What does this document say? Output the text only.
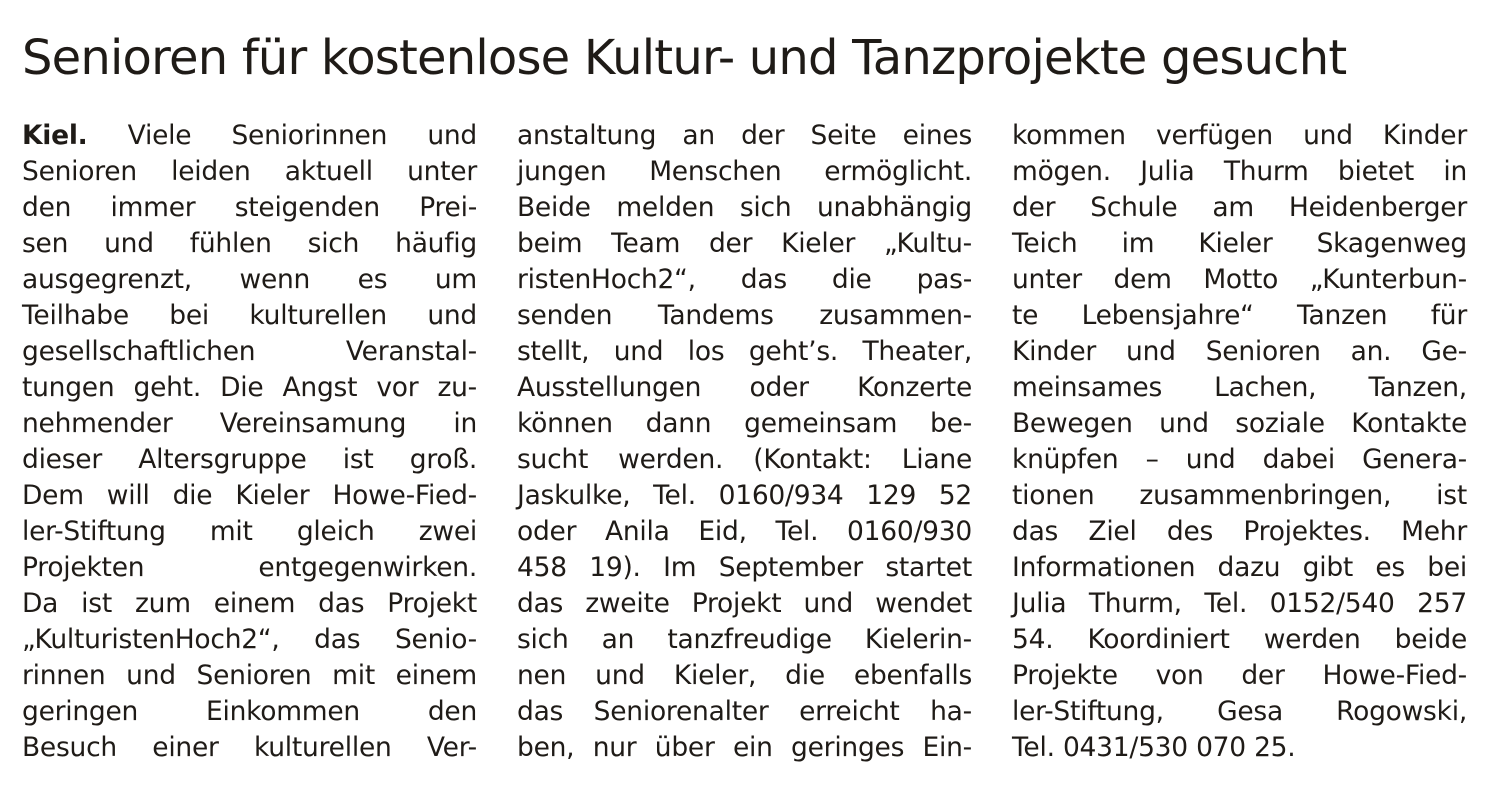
Senioren für kostenlose Kultur- und Tanzprojekte gesucht
Kiel. Viele Seniorinnen und
Senioren leiden aktuell unter
den immer steigenden Prei-
sen und fühlen sich häufig
ausgegrenzt, wenn es um
Teilhabe bei kulturellen und
gesellschaftlichen Veranstal-
tungen geht. Die Angst vor zu-
nehmender Vereinsamung in
dieser Altersgruppe ist groß.
Dem will die Kieler Howe-Fied-
ler-Stiftung mit gleich zwei
Projekten entgegenwirken.
Da ist zum einem das Projekt
„KulturistenHoch2“, das Senio-
rinnen und Senioren mit einem
geringen Einkommen den
Besuch einer kulturellen Ver-
anstaltung an der Seite eines
jungen Menschen ermöglicht.
Beide melden sich unabhängig
beim Team der Kieler „Kultu-
ristenHoch2“, das die pas-
senden Tandems zusammen-
stellt, und los geht’s. Theater,
Ausstellungen oder Konzerte
können dann gemeinsam be-
sucht werden. (Kontakt: Liane
Jaskulke, Tel. 0160/934 129 52
oder Anila Eid, Tel. 0160/930
458 19). Im September startet
das zweite Projekt und wendet
sich an tanzfreudige Kielerin-
nen und Kieler, die ebenfalls
das Seniorenalter erreicht ha-
ben, nur über ein geringes Ein-
kommen verfügen und Kinder
mögen. Julia Thurm bietet in
der Schule am Heidenberger
Teich im Kieler Skagenweg
unter dem Motto „Kunterbun-
te Lebensjahre“ Tanzen für
Kinder und Senioren an. Ge-
meinsames Lachen, Tanzen,
Bewegen und soziale Kontakte
knüpfen – und dabei Genera-
tionen zusammenbringen, ist
das Ziel des Projektes. Mehr
Informationen dazu gibt es bei
Julia Thurm, Tel. 0152/540 257
54. Koordiniert werden beide
Projekte von der Howe-Fied-
ler-Stiftung, Gesa Rogowski,
Tel. 0431/530 070 25.
